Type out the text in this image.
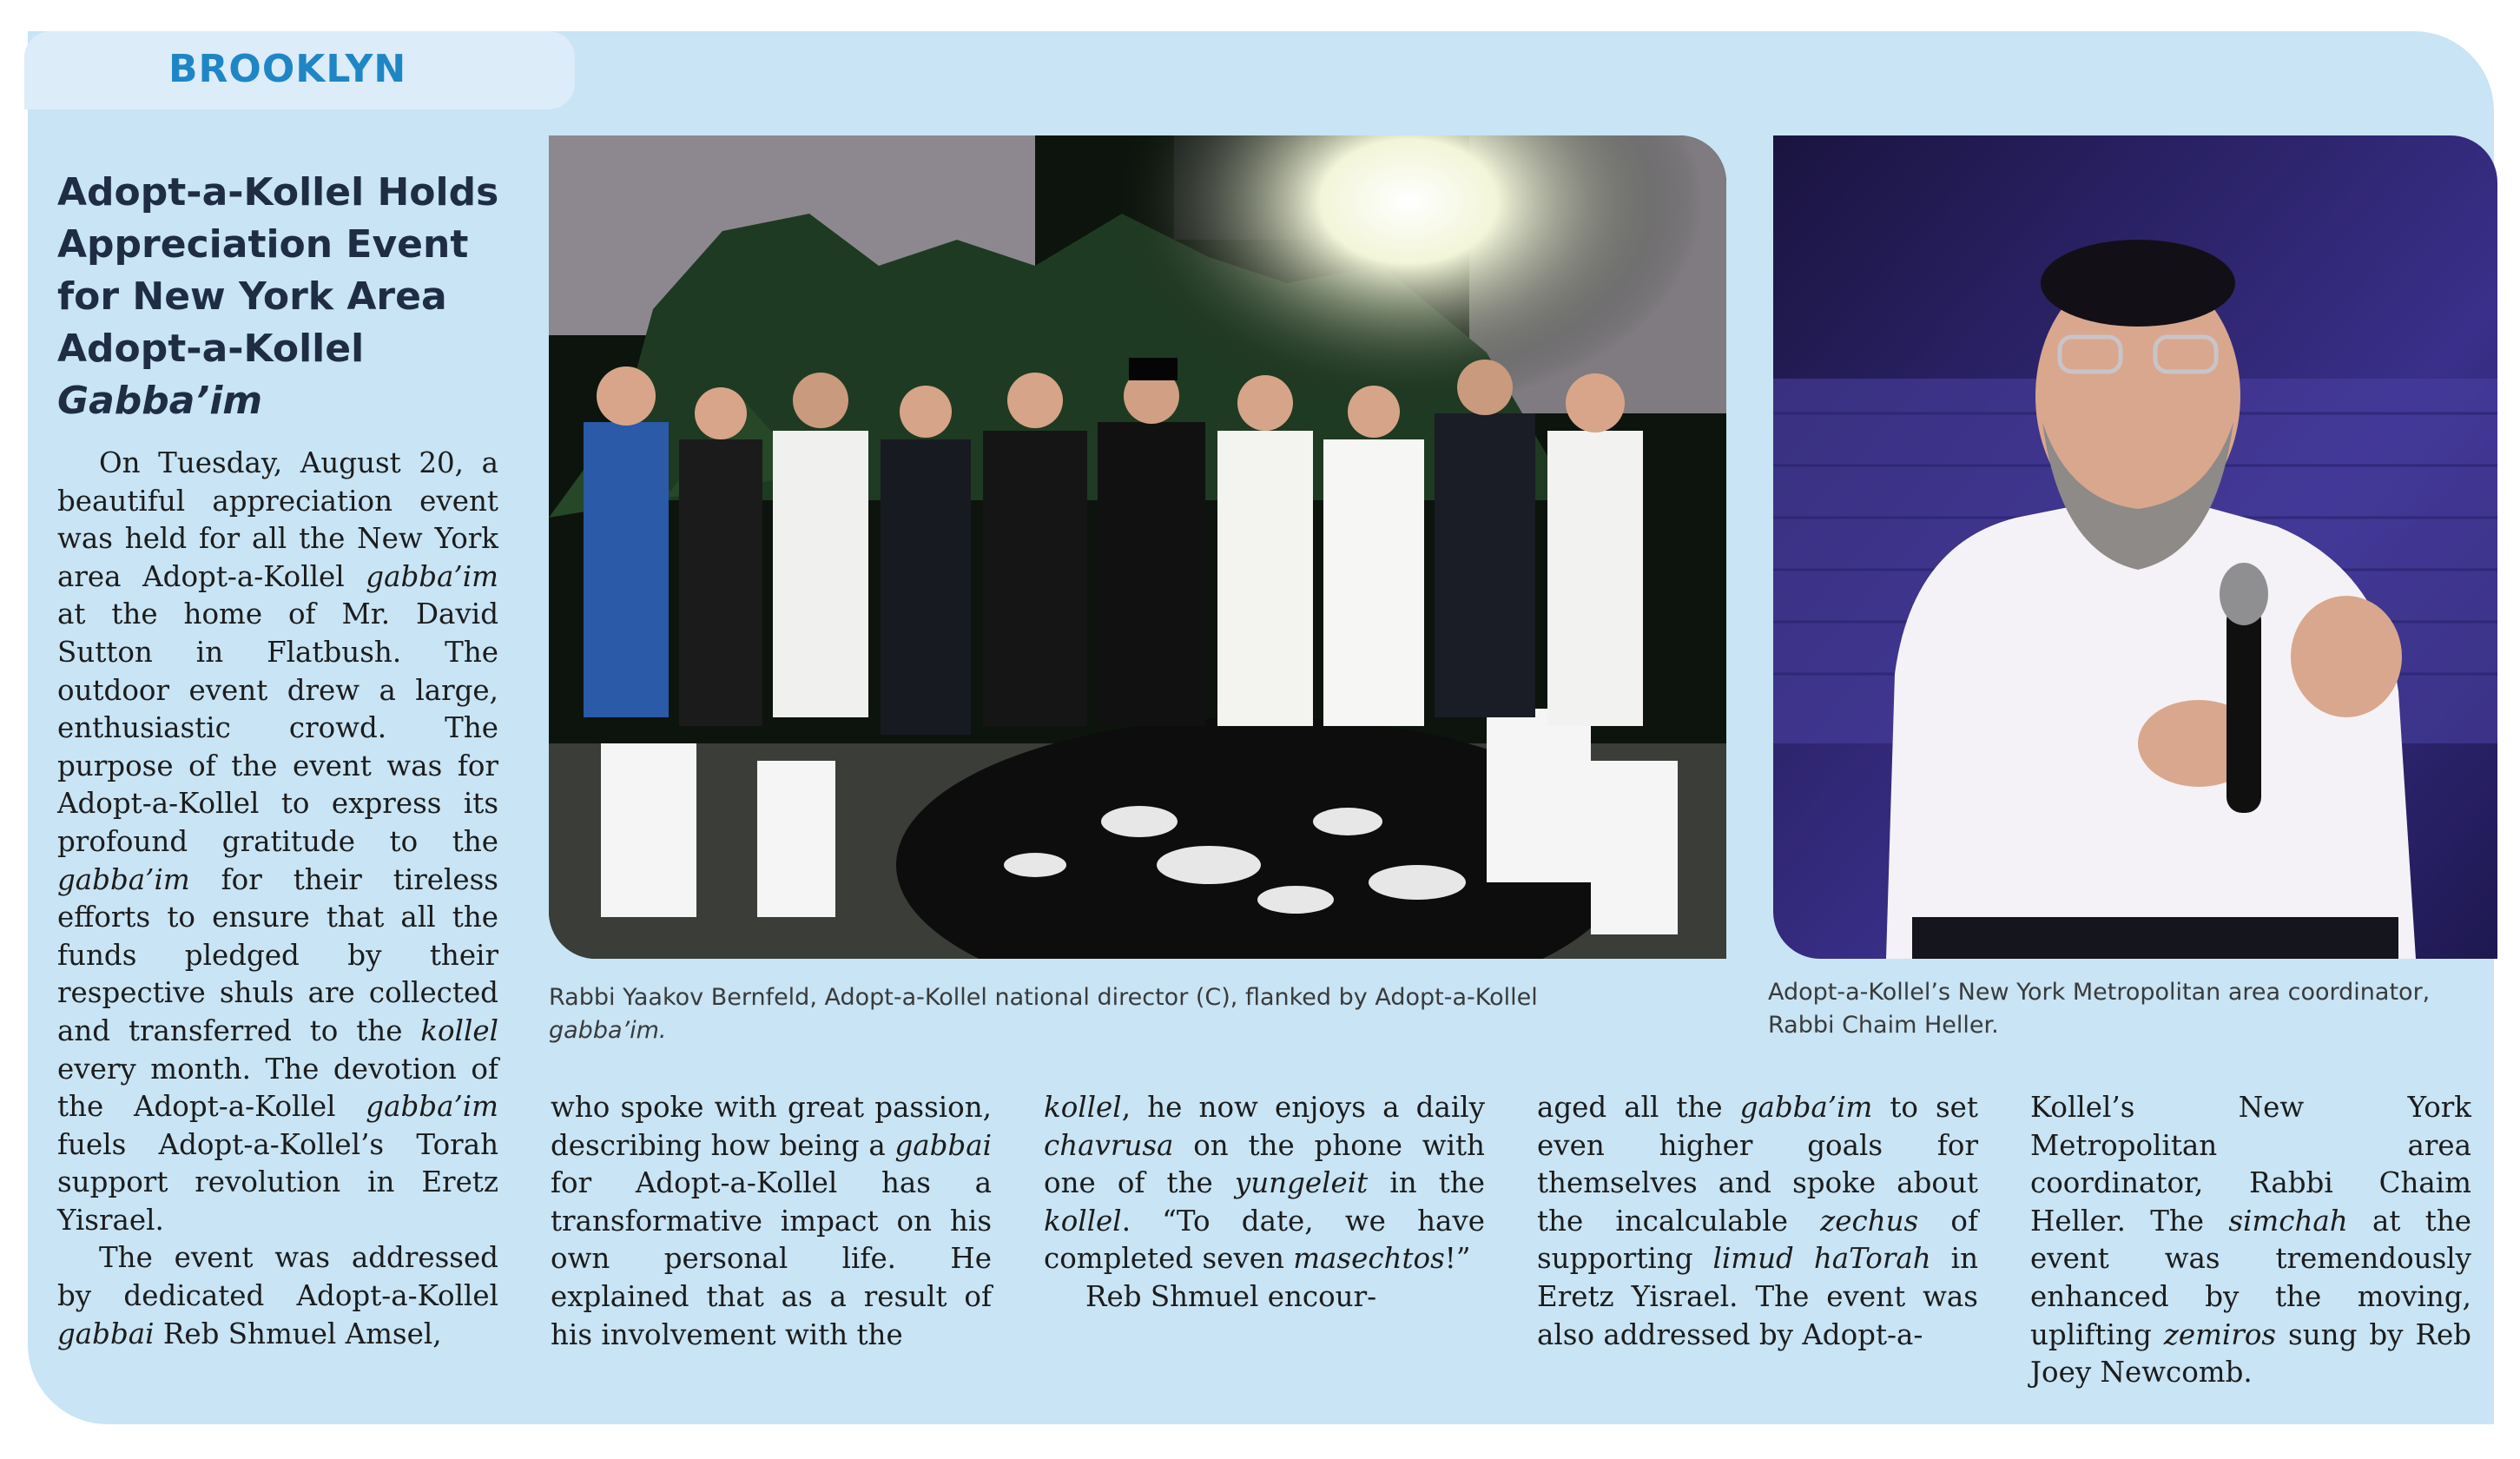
BROOKLYN
Adopt-a-Kollel Holds Appreciation Event for New York Area Adopt-a-Kollel Gabba’im

On Tuesday, August 20, a beautiful appreciation event was held for all the New York area Adopt-a-Kollel gabba’im at the home of Mr. David Sutton in Flatbush. The outdoor event drew a large, enthusiastic crowd. The purpose of the event was for Adopt-a-Kollel to express its profound gratitude to the gabba’im for their tireless efforts to ensure that all the funds pledged by their respective shuls are collected and transferred to the kollel every month. The devotion of the Adopt-a-Kollel gabba’im fuels Adopt-a-Kollel’s Torah support revolution in Eretz Yisrael.

The event was addressed by dedicated Adopt-a-Kollel gabbai Reb Shmuel Amsel,

Rabbi Yaakov Bernfeld, Adopt-a-Kollel national director (C), flanked by Adopt-a-Kollel
gabba’im.
Adopt-a-Kollel’s New York Metropolitan area coordinator, Rabbi Chaim Heller.

who spoke with great passion, describing how being a gabbai for Adopt-a-Kollel has a transformative impact on his own personal life. He explained that as a result of his involvement with the

kollel, he now enjoys a daily chavrusa on the phone with one of the yungeleit in the kollel. “To date, we have completed seven masechtos!”

Reb Shmuel encour-

aged all the gabba’im to set even higher goals for themselves and spoke about the incalculable zechus of supporting limud haTorah in Eretz Yisrael. The event was also addressed by Adopt-a-

Kollel’s New York Metropolitan area coordinator, Rabbi Chaim Heller. The simchah at the event was tremendously enhanced by the moving, uplifting zemiros sung by Reb Joey Newcomb.
